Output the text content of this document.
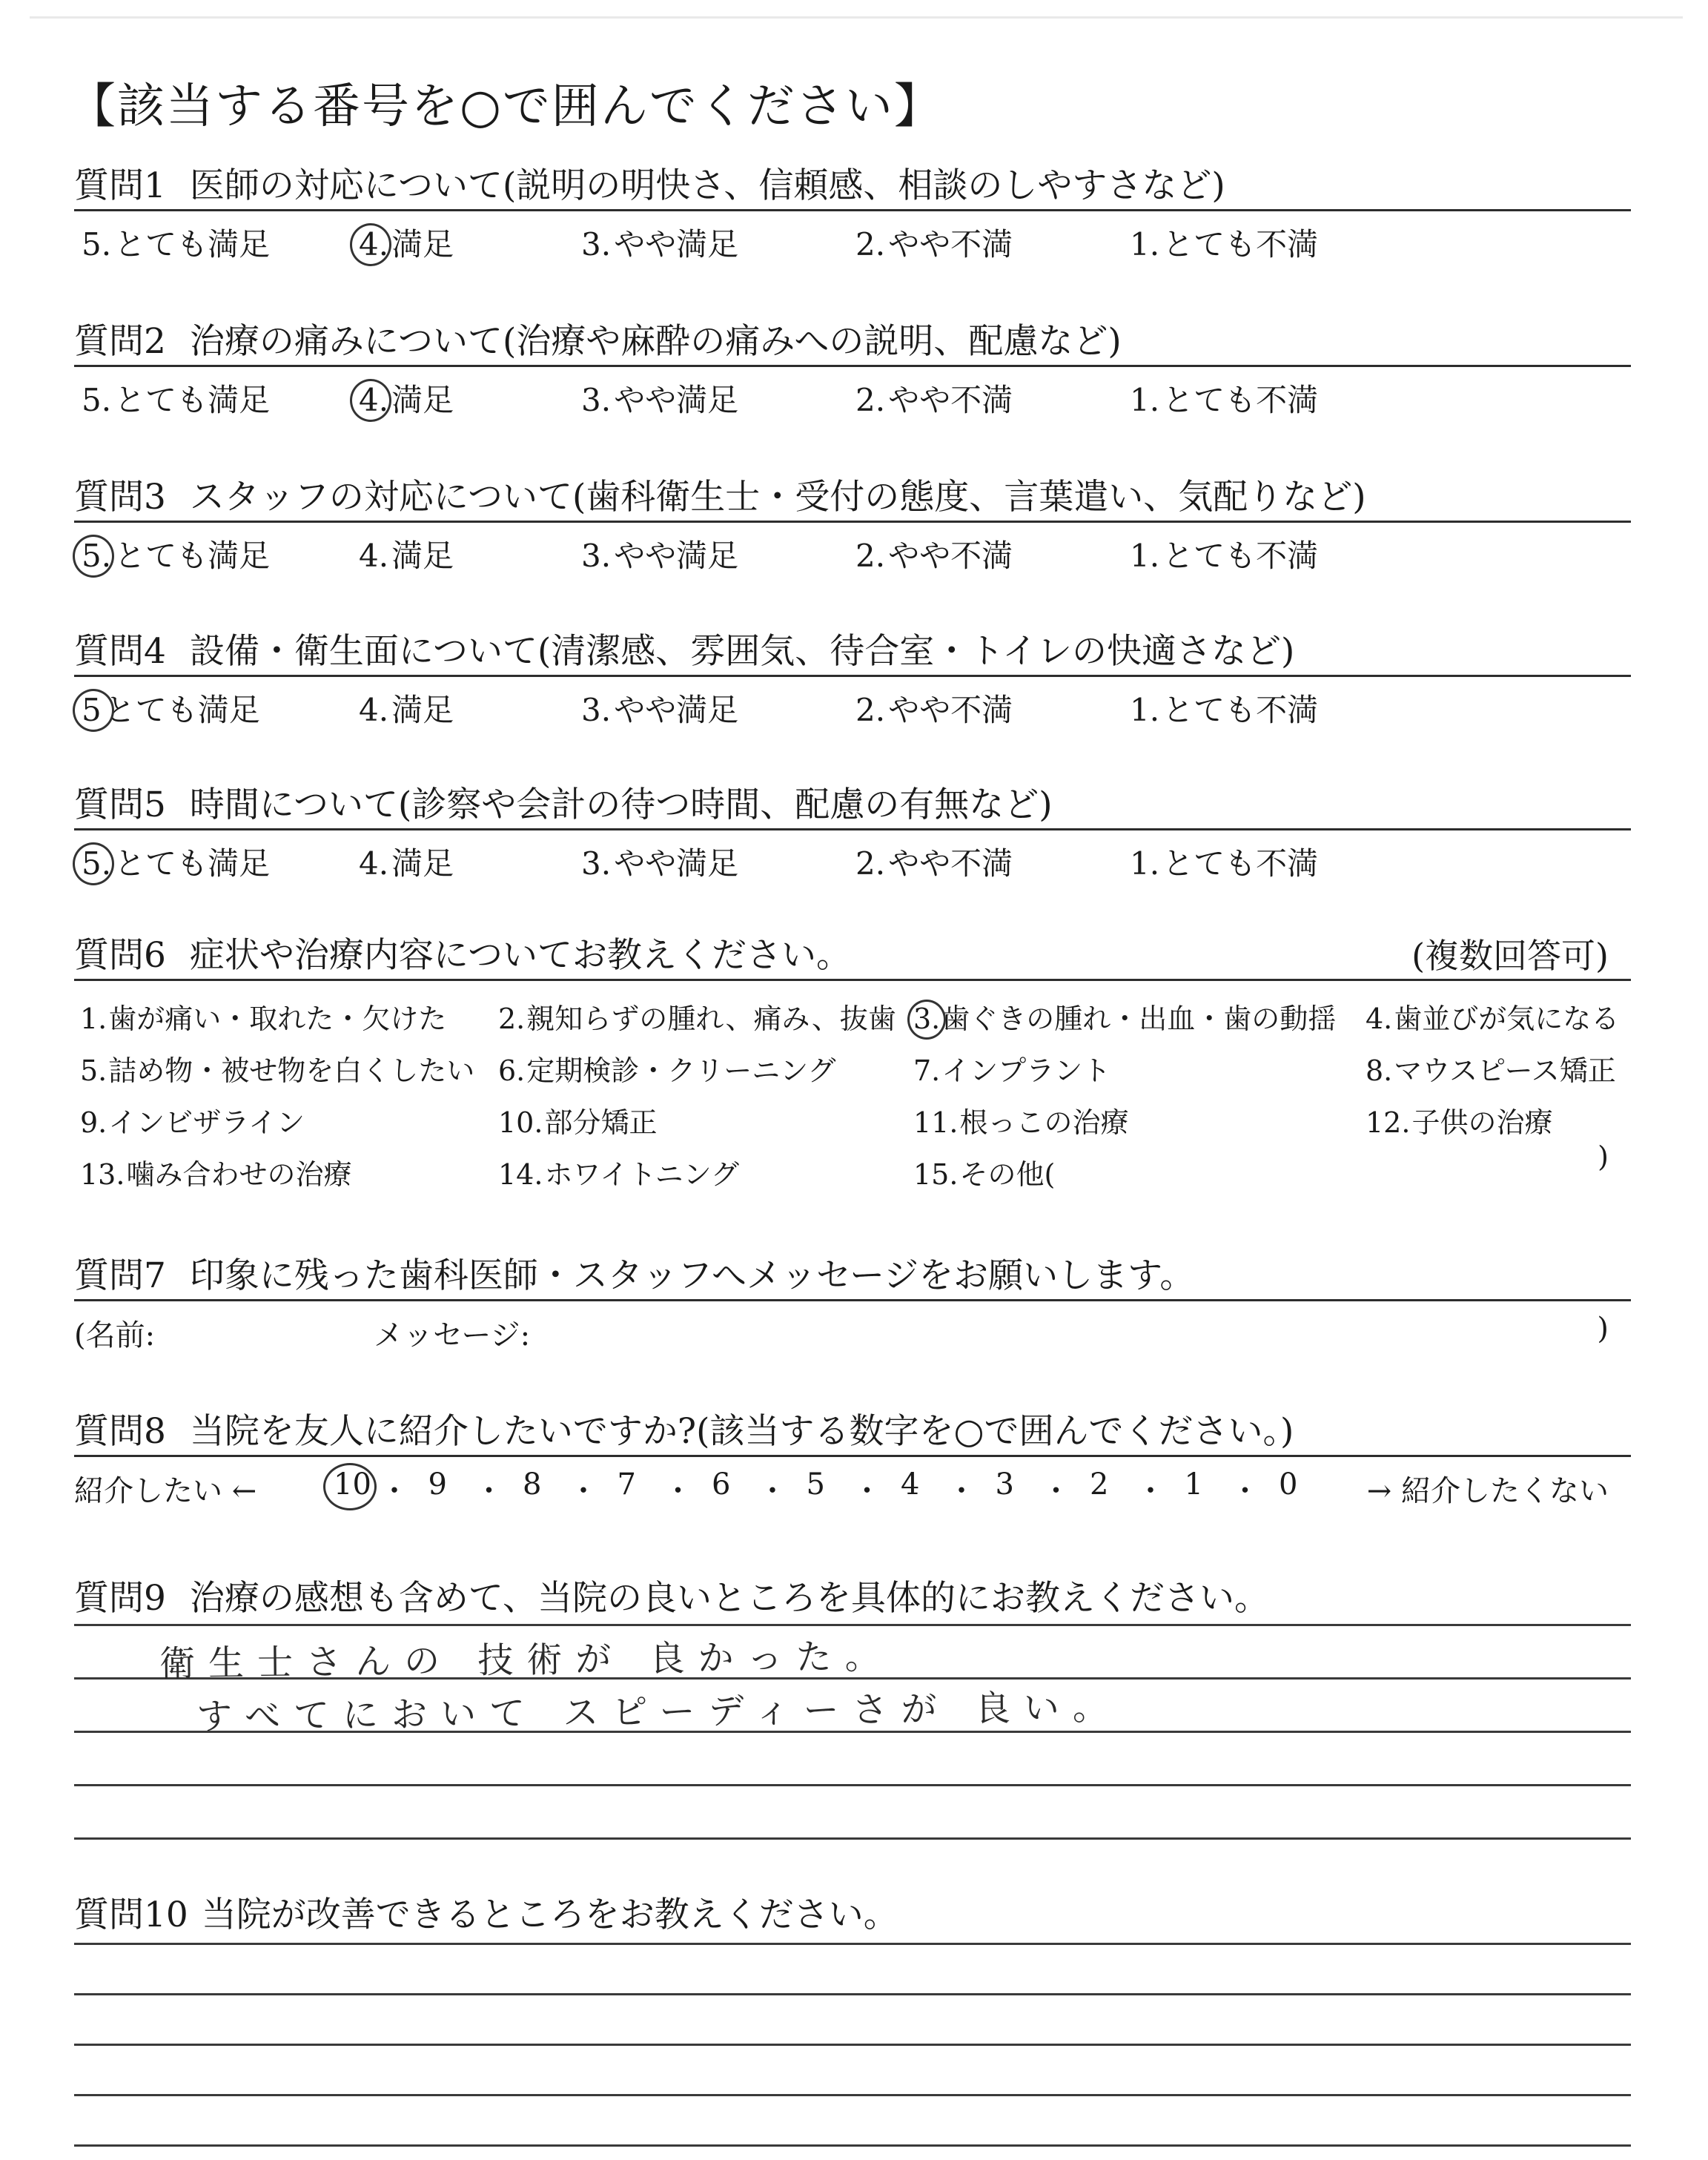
【該当する番号を○で囲んでください】
質問1 医師の対応について(説明の明快さ、信頼感、相談のしやすさなど)
5.とても満足	4.満足	3.やや満足	2.やや不満	1.とても不満
質問2 治療の痛みについて(治療や麻酔の痛みへの説明、配慮など)
5.とても満足	4.満足	3.やや満足	2.やや不満	1.とても不満
質問3 スタッフの対応について(歯科衛生士・受付の態度、言葉遣い、気配りなど)
5.とても満足	4.満足	3.やや満足	2.やや不満	1.とても不満
質問4 設備・衛生面について(清潔感、雰囲気、待合室・トイレの快適さなど)
5とても満足	4.満足	3.やや満足	2.やや不満	1.とても不満
質問5 時間について(診察や会計の待つ時間、配慮の有無など)
5.とても満足	4.満足	3.やや満足	2.やや不満	1.とても不満
質問6 症状や治療内容についてお教えください。	(複数回答可)
)
1.歯が痛い・取れた・欠けた 2.親知らずの腫れ、痛み、抜歯 3.歯ぐきの腫れ・出血・歯の動揺 4.歯並びが気になる
5.詰め物・被せ物を白くしたい 6.定期検診・クリーニング	7.インプラント	8.マウスピース矯正
9.インビザライン	10.部分矯正	11.根っこの治療	12.子供の治療
13.噛み合わせの治療	14.ホワイトニング	15.その他(
質問7 印象に残った歯科医師・スタッフへメッセージをお願いします。
(名前:	メッセージ:	)
質問8 当院を友人に紹介したいですか?(該当する数字を○で囲んでください。)
紹介したい ←	→ 紹介したくない
10 ・ 9 ・ 8 ・ 7 ・ 6 ・ 5 ・ 4 ・ 3 ・ 2 ・ 1 ・ 0
質問9 治療の感想も含めて、当院の良いところを具体的にお教えください。
衛生士さんの 技術が 良かった。
すべてにおいて スピーディーさが 良い。
質問10 当院が改善できるところをお教えください。
